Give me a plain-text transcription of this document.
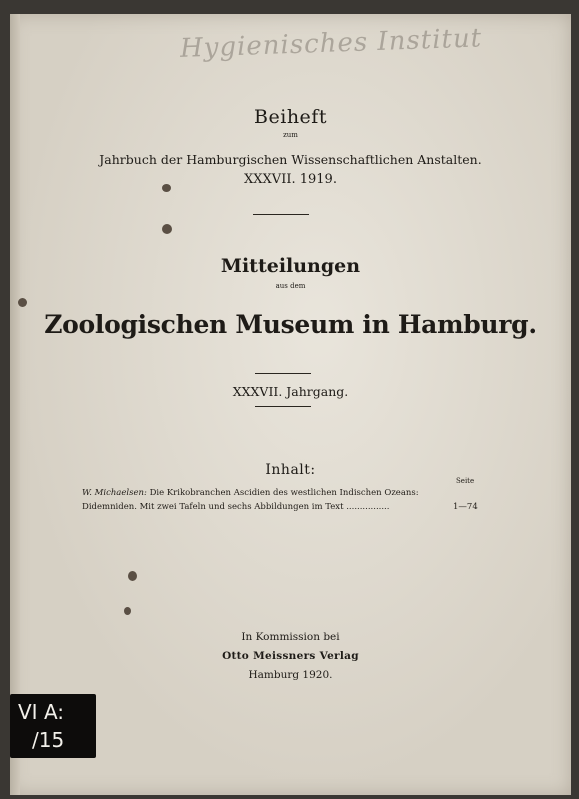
Hygienisches Institut
Beiheft
zum
Jahrbuch der Hamburgischen Wissenschaftlichen Anstalten.
XXXVII. 1919.
Mitteilungen
aus dem
Zoologischen Museum in Hamburg.
XXXVII. Jahrgang.
Inhalt:
Seite
W. Michaelsen: Die Krikobranchen Ascidien des westlichen Indischen Ozeans:
Didemniden. Mit zwei Tafeln und sechs Abbildungen im Text ................	1—74
In Kommission bei
Otto Meissners Verlag
Hamburg 1920.
VI A:
/15
